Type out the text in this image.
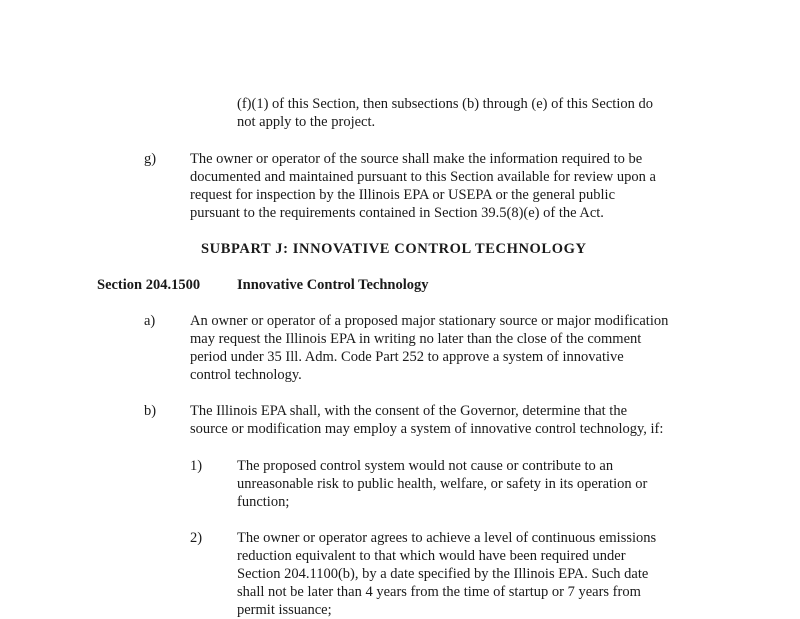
(f)(1) of this Section, then subsections (b) through (e) of this Section do
not apply to the project.
g) The owner or operator of the source shall make the information required to be
documented and maintained pursuant to this Section available for review upon a
request for inspection by the Illinois EPA or USEPA or the general public
pursuant to the requirements contained in Section 39.5(8)(e) of the Act.
SUBPART J: INNOVATIVE CONTROL TECHNOLOGY
Section 204.1500	Innovative Control Technology
a) An owner or operator of a proposed major stationary source or major modification
may request the Illinois EPA in writing no later than the close of the comment
period under 35 Ill. Adm. Code Part 252 to approve a system of innovative
control technology.
b) The Illinois EPA shall, with the consent of the Governor, determine that the
source or modification may employ a system of innovative control technology, if:
1) The proposed control system would not cause or contribute to an
unreasonable risk to public health, welfare, or safety in its operation or
function;
2) The owner or operator agrees to achieve a level of continuous emissions
reduction equivalent to that which would have been required under
Section 204.1100(b), by a date specified by the Illinois EPA. Such date
shall not be later than 4 years from the time of startup or 7 years from
permit issuance;
